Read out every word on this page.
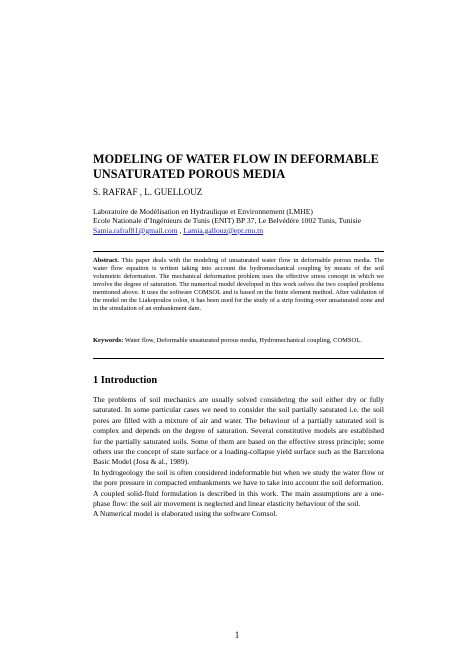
MODELING OF WATER FLOW IN DEFORMABLE UNSATURATED POROUS MEDIA
S. RAFRAF , L. GUELLOUZ
Laboratoire de Modélisation en Hydraulique et Environnement (LMHE)
Ecole Nationale d’Ingénieurs de Tunis (ENIT) BP 37, Le Belvédère 1002 Tunis, Tunisie
Samia.rafraf81@gmail.com , Lamia.gallouz@ept.rnu.tn
Abstract. This paper deals with the modeling of unsaturated water flow in deformable porous media. The water flow equation is written taking into account the hydromechanical coupling by means of the soil volumetric deformation. The mechanical deformation problem uses the effective stress concept in which we involve the degree of saturation. The numerical model developed in this work solves the two coupled problems mentioned above. It uses the software COMSOL and is based on the finite element method. After validation of the model on the Liakopoulos colon, it has been used for the study of a strip footing over unsaturated zone and in the simulation of an embankment dam.
Keywords: Water flow, Deformable unsaturated porous media, Hydromechanical coupling, COMSOL.
1 Introduction

The problems of soil mechanics are usually solved considering the soil either dry or fully saturated. In some particular cases we need to consider the soil partially saturated i.e. the soil pores are filled with a mixture of air and water. The behaviour of a partially saturated soil is complex and depends on the degree of saturation. Several constitutive models are established for the partially saturated soils. Some of them are based on the effective stress principle; some others use the concept of state surface or a loading-collapse yield surface such as the Barcelona Basic Model (Josa & al., 1989).

In hydrogeology the soil is often considered indeformable but when we study the water flow or the pore pressure in compacted embankments we have to take into account the soil deformation.

A coupled solid-fluid formulation is described in this work. The main assumptions are a one-phase flow: the soil air movement is neglected and linear elasticity behaviour of the soil.

A Numerical model is elaborated using the software Comsol.

1
